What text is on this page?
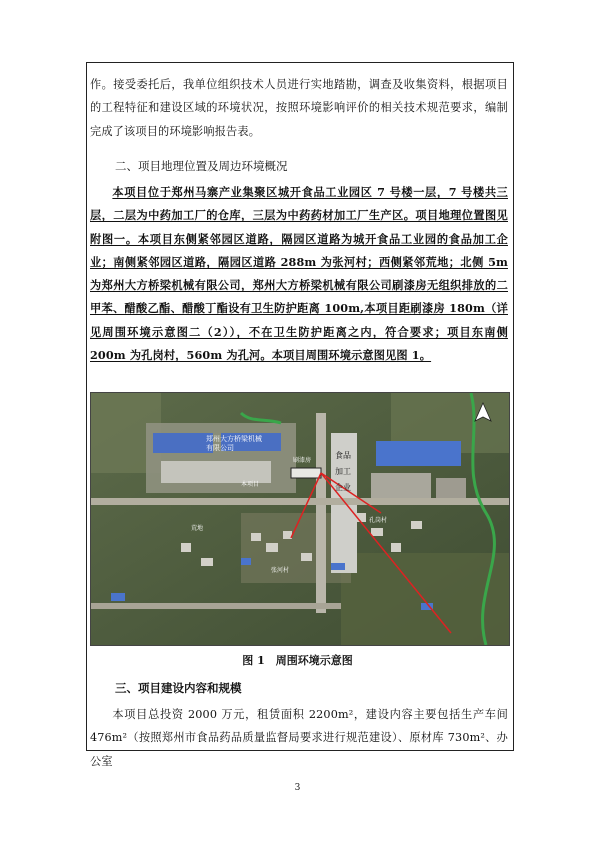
作。接受委托后，我单位组织技术人员进行实地踏勘，调查及收集资料，根据项目的工程特征和建设区域的环境状况，按照环境影响评价的相关技术规范要求，编制完成了该项目的环境影响报告表。
二、项目地理位置及周边环境概况
本项目位于郑州马寨产业集聚区城开食品工业园区 7 号楼一层，7 号楼共三层，二层为中药加工厂的仓库，三层为中药药材加工厂生产区。项目地理位置图见附图一。本项目东侧紧邻园区道路，隔园区道路为城开食品工业园的食品加工企业；南侧紧邻园区道路，隔园区道路 288m 为张河村；西侧紧邻荒地；北侧 5m 为郑州大方桥梁机械有限公司，郑州大方桥梁机械有限公司刷漆房无组织排放的二甲苯、醋酸乙酯、醋酸丁酯设有卫生防护距离 100m,本项目距刷漆房 180m（详见周围环境示意图二（2）），不在卫生防护距离之内，符合要求；项目东南侧 200m 为孔岗村，560m 为孔河。本项目周围环境示意图见图 1。
郑州大方桥梁机械有限公司
刷漆房
食品加工企业
孔岗村
张河村
本项目
荒地
图 1　周围环境示意图
三、项目建设内容和规模
本项目总投资 2000 万元，租赁面积 2200m²，建设内容主要包括生产车间 476m²（按照郑州市食品药品质量监督局要求进行规范建设）、原材库 730m²、办公室
3
